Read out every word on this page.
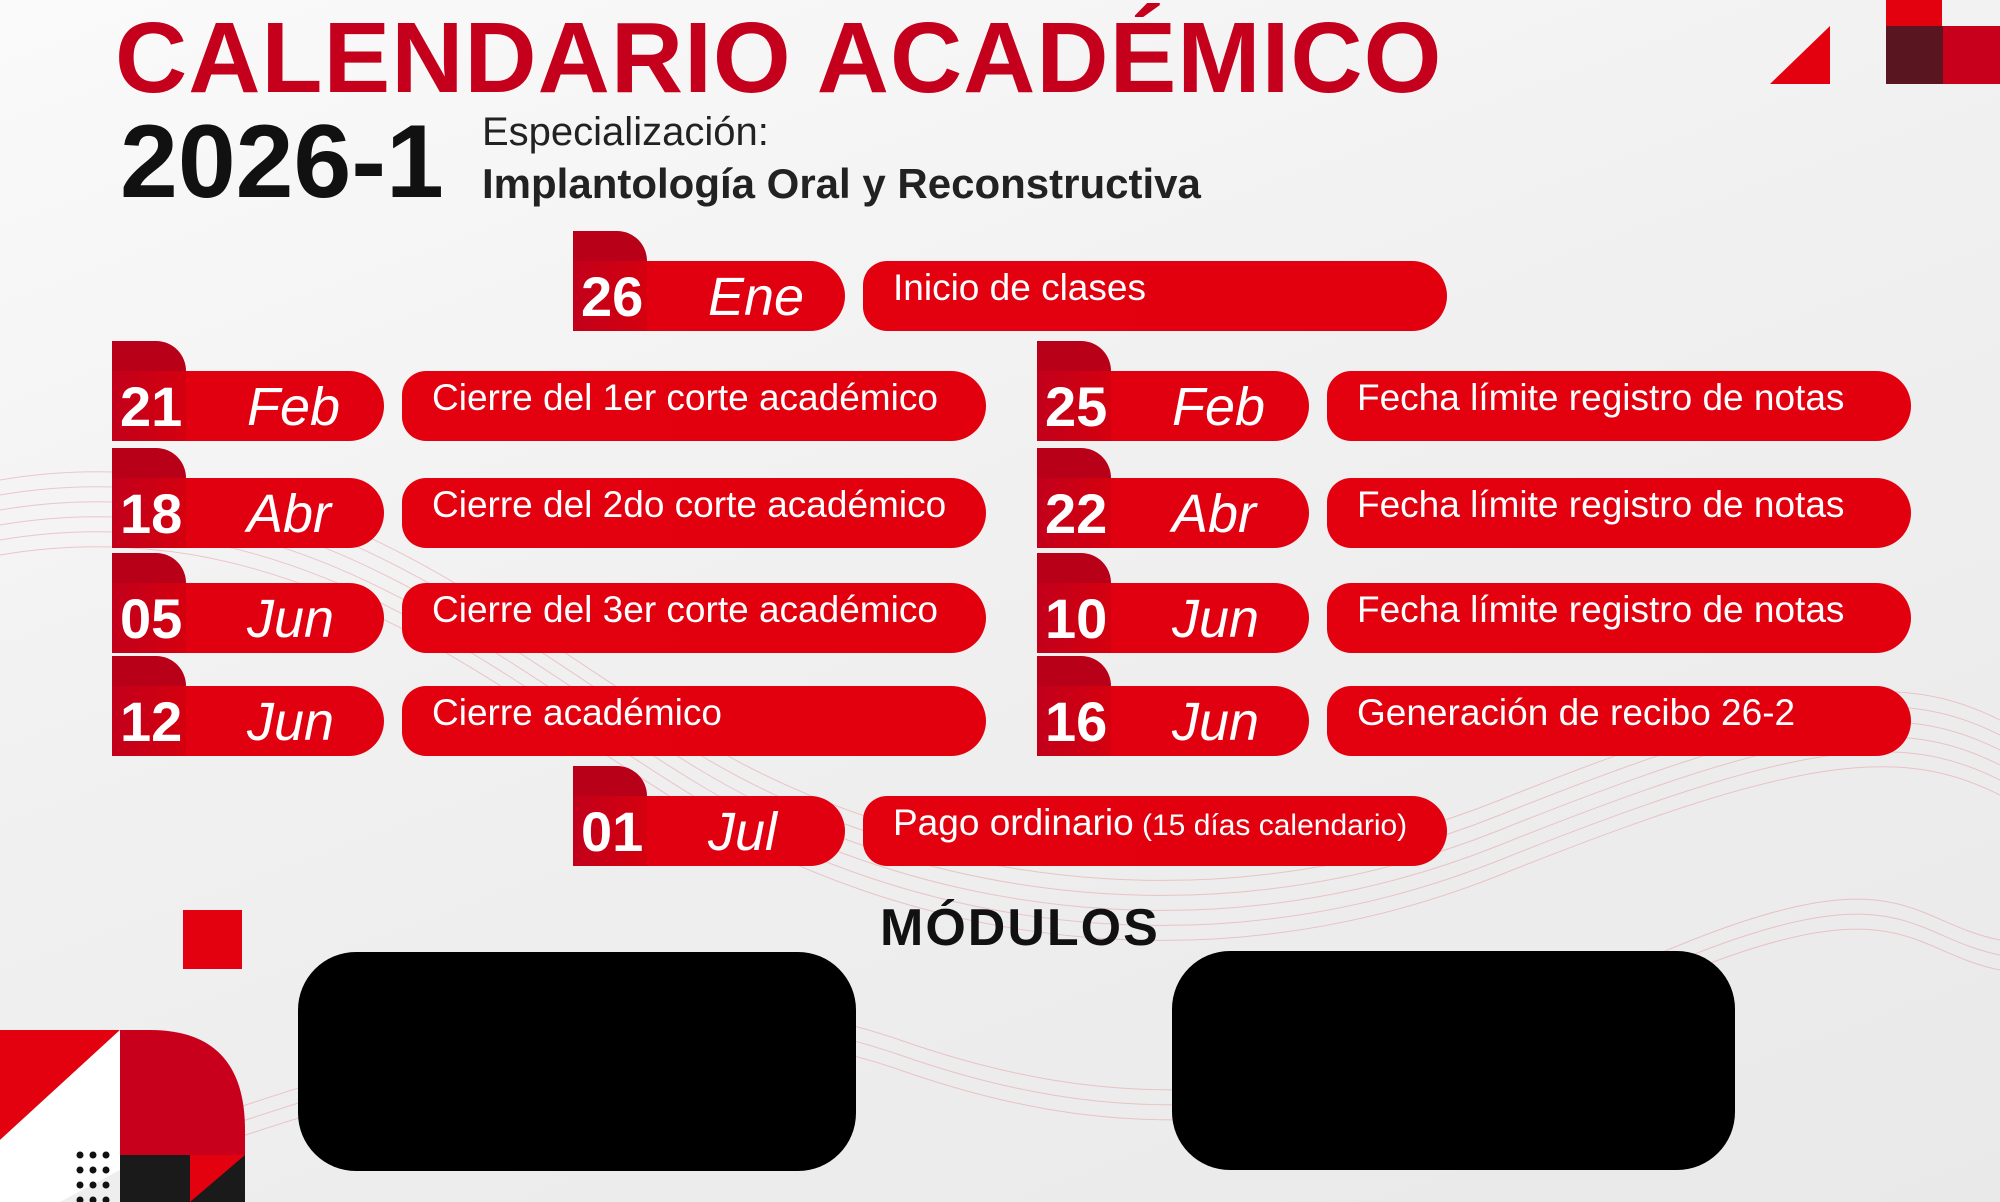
CALENDARIO ACADÉMICO
2026-1 Especialización:
Implantología Oral y Reconstructiva
26 Ene	Inicio de clases
21 Feb	Cierre del 1er corte académico	25 Feb	Fecha límite registro de notas
18 Abr	Cierre del 2do corte académico	22 Abr	Fecha límite registro de notas
05 Jun	Cierre del 3er corte académico	10 Jun	Fecha límite registro de notas
12 Jun	Cierre académico	16 Jun	Generación de recibo 26-2
01 Jul	Pago ordinario (15 días calendario)
MÓDULOS
1: enero 26 al 31
2: febrero 16 al 21
3: marzo 16 al 21
4: abril 13 al 18
5: mayo 11 al 16
6: junio 01 al 06
